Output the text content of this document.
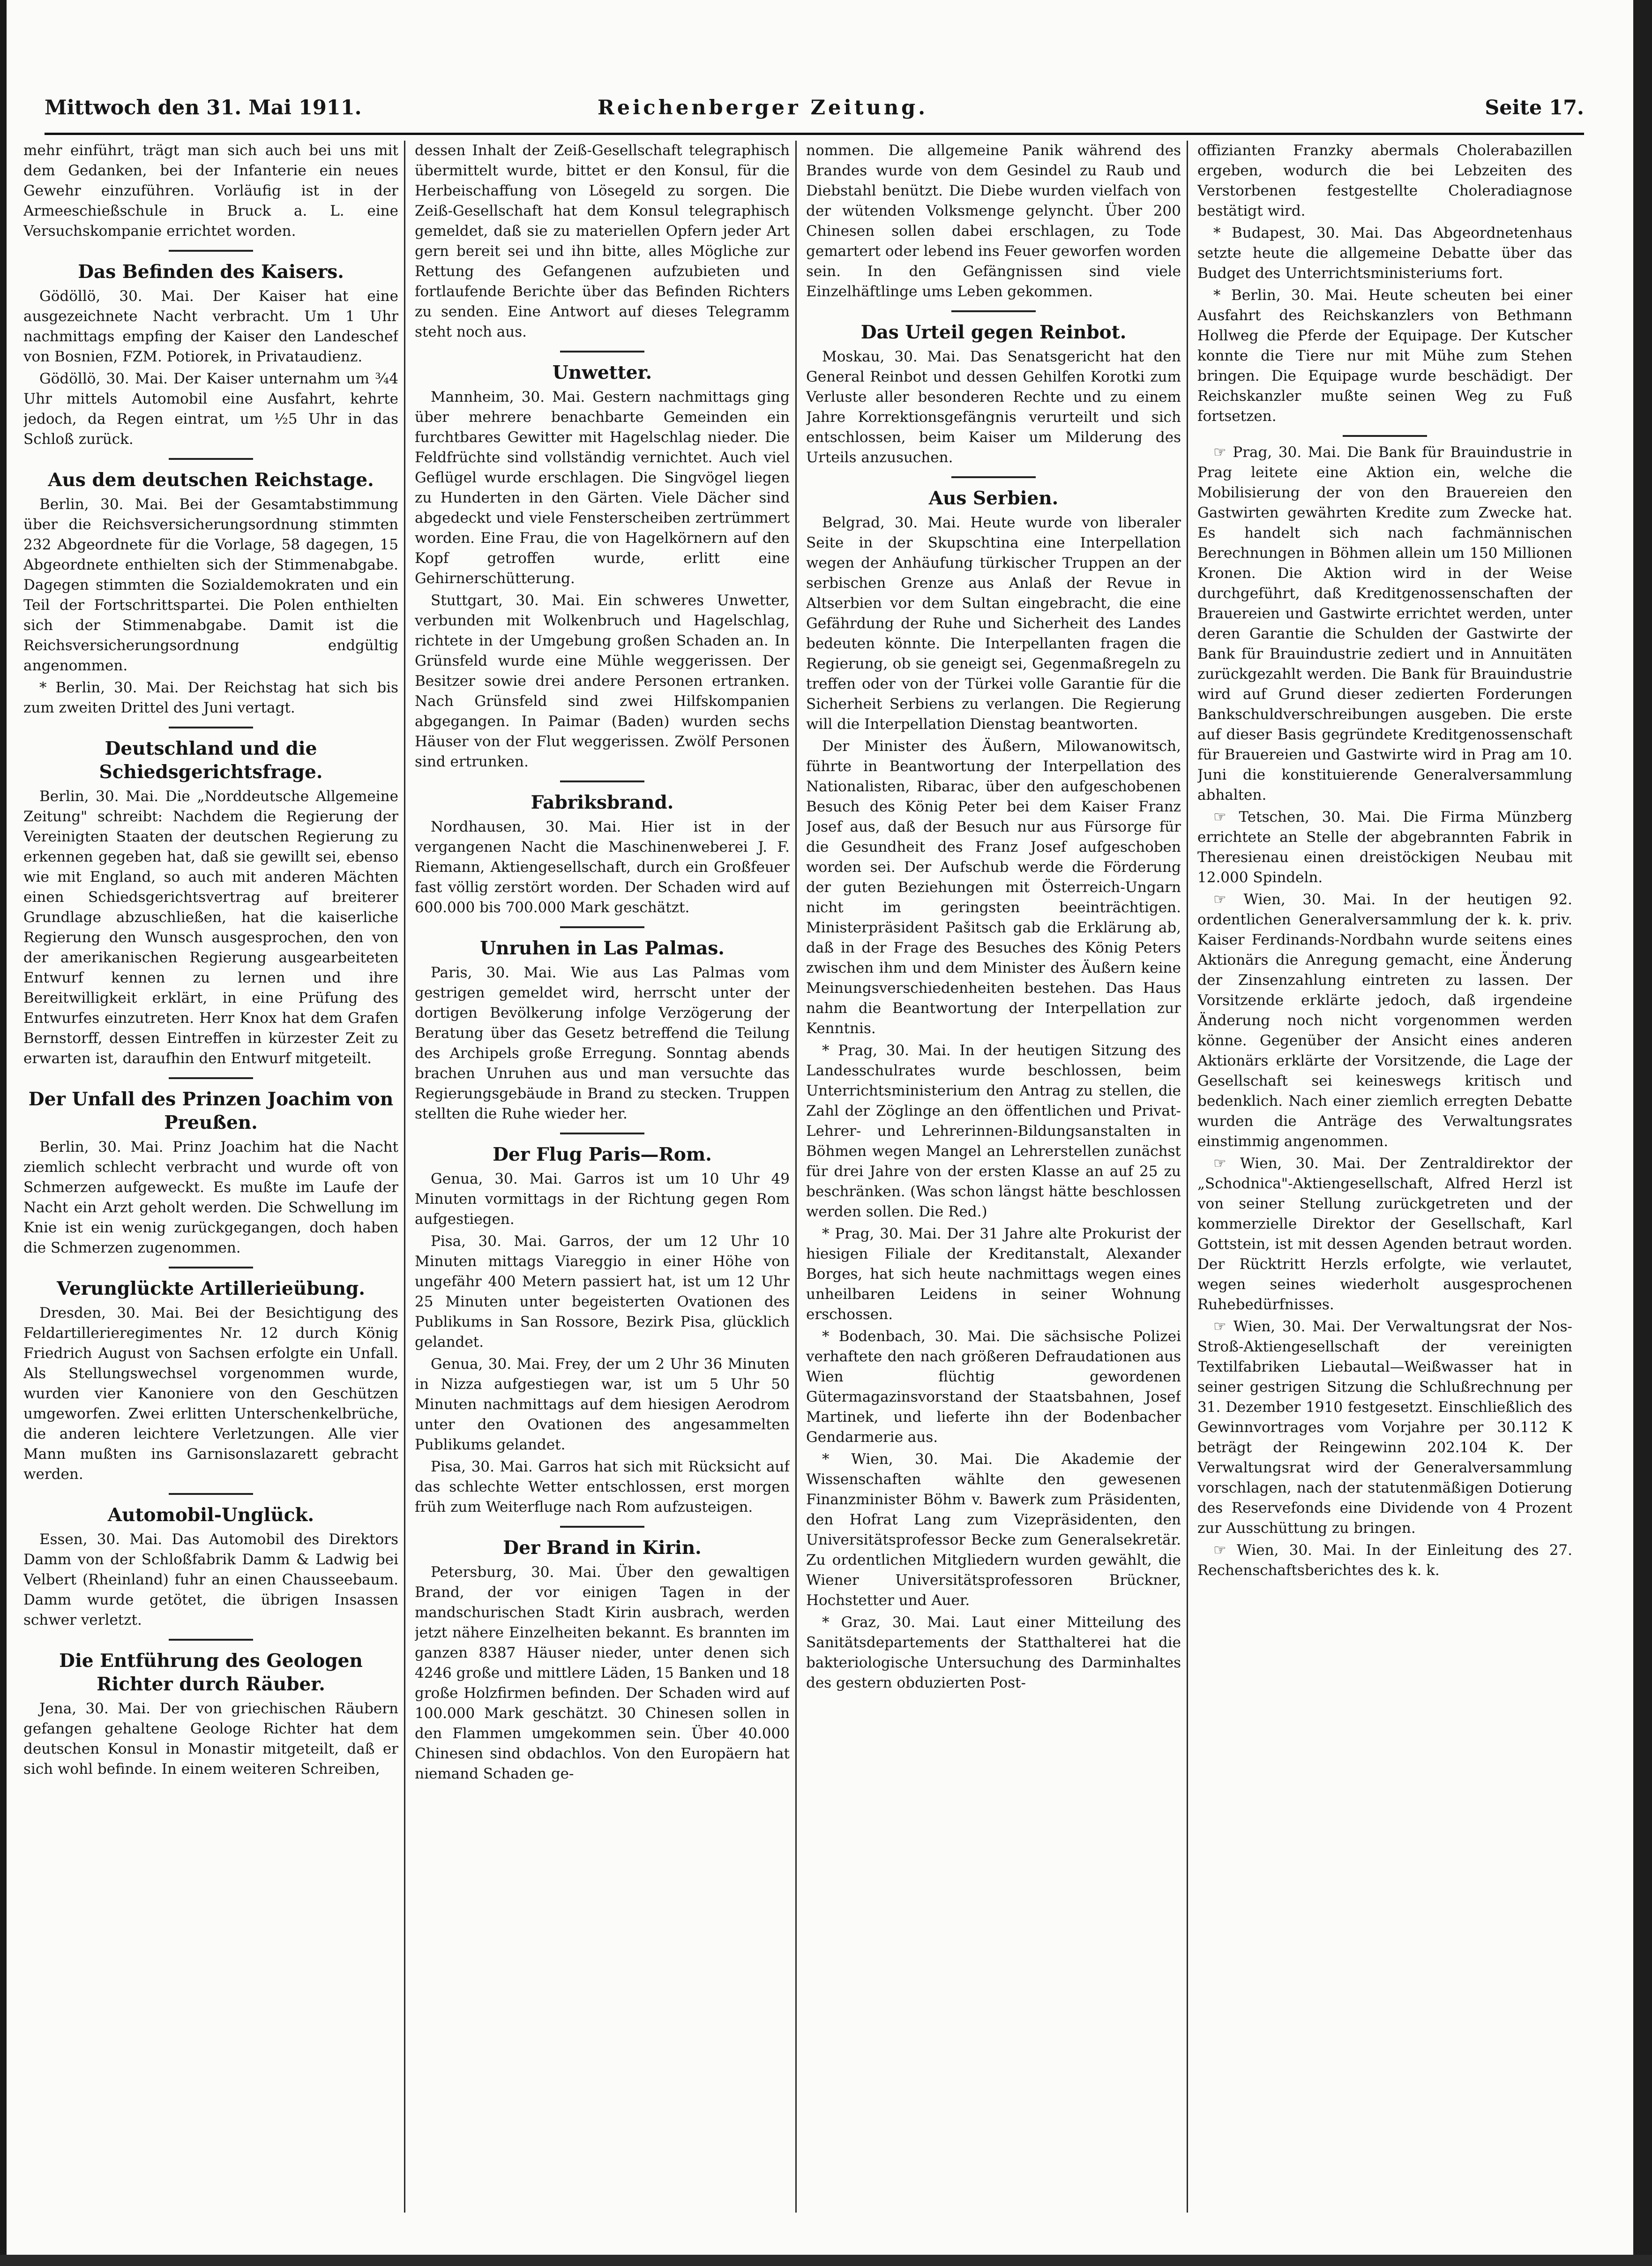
Mittwoch den 31. Mai 1911.	Reichenberger Zeitung.	Seite 17.

mehr einführt, trägt man sich auch bei uns mit dem Gedanken, bei der Infanterie ein neues Gewehr einzuführen. Vorläufig ist in der Armeeschießschule in Bruck a. L. eine Versuchskompanie errichtet worden.

Das Befinden des Kaisers.

Gödöllö, 30. Mai. Der Kaiser hat eine ausgezeichnete Nacht verbracht. Um 1 Uhr nachmittags empfing der Kaiser den Landeschef von Bosnien, FZM. Potiorek, in Privataudienz.

Gödöllö, 30. Mai. Der Kaiser unternahm um ¾4 Uhr mittels Automobil eine Ausfahrt, kehrte jedoch, da Regen eintrat, um ½5 Uhr in das Schloß zurück.

Aus dem deutschen Reichstage.

Berlin, 30. Mai. Bei der Gesamtabstimmung über die Reichsversicherungsordnung stimmten 232 Abgeordnete für die Vorlage, 58 dagegen, 15 Abgeordnete enthielten sich der Stimmenabgabe. Dagegen stimmten die Sozialdemokraten und ein Teil der Fortschrittspartei. Die Polen enthielten sich der Stimmenabgabe. Damit ist die Reichsversicherungsordnung endgültig angenommen.

* Berlin, 30. Mai. Der Reichstag hat sich bis zum zweiten Drittel des Juni vertagt.

Deutschland und die Schiedsgerichtsfrage.

Berlin, 30. Mai. Die „Norddeutsche Allgemeine Zeitung" schreibt: Nachdem die Regierung der Vereinigten Staaten der deutschen Regierung zu erkennen gegeben hat, daß sie gewillt sei, ebenso wie mit England, so auch mit anderen Mächten einen Schiedsgerichtsvertrag auf breiterer Grundlage abzuschließen, hat die kaiserliche Regierung den Wunsch ausgesprochen, den von der amerikanischen Regierung ausgearbeiteten Entwurf kennen zu lernen und ihre Bereitwilligkeit erklärt, in eine Prüfung des Entwurfes einzutreten. Herr Knox hat dem Grafen Bernstorff, dessen Eintreffen in kürzester Zeit zu erwarten ist, daraufhin den Entwurf mitgeteilt.

Der Unfall des Prinzen Joachim von Preußen.

Berlin, 30. Mai. Prinz Joachim hat die Nacht ziemlich schlecht verbracht und wurde oft von Schmerzen aufgeweckt. Es mußte im Laufe der Nacht ein Arzt geholt werden. Die Schwellung im Knie ist ein wenig zurückgegangen, doch haben die Schmerzen zugenommen.

Verunglückte Artillerieübung.

Dresden, 30. Mai. Bei der Besichtigung des Feldartillerieregimentes Nr. 12 durch König Friedrich August von Sachsen erfolgte ein Unfall. Als Stellungswechsel vorgenommen wurde, wurden vier Kanoniere von den Geschützen umgeworfen. Zwei erlitten Unterschenkelbrüche, die anderen leichtere Verletzungen. Alle vier Mann mußten ins Garnisonslazarett gebracht werden.

Automobil-Unglück.

Essen, 30. Mai. Das Automobil des Direktors Damm von der Schloßfabrik Damm & Ladwig bei Velbert (Rheinland) fuhr an einen Chausseebaum. Damm wurde getötet, die übrigen Insassen schwer verletzt.

Die Entführung des Geologen Richter durch Räuber.

Jena, 30. Mai. Der von griechischen Räubern gefangen gehaltene Geologe Richter hat dem deutschen Konsul in Monastir mitgeteilt, daß er sich wohl befinde. In einem weiteren Schreiben,

dessen Inhalt der Zeiß-Gesellschaft telegraphisch übermittelt wurde, bittet er den Konsul, für die Herbeischaffung von Lösegeld zu sorgen. Die Zeiß-Gesellschaft hat dem Konsul telegraphisch gemeldet, daß sie zu materiellen Opfern jeder Art gern bereit sei und ihn bitte, alles Mögliche zur Rettung des Gefangenen aufzubieten und fortlaufende Berichte über das Befinden Richters zu senden. Eine Antwort auf dieses Telegramm steht noch aus.

Unwetter.

Mannheim, 30. Mai. Gestern nachmittags ging über mehrere benachbarte Gemeinden ein furchtbares Gewitter mit Hagelschlag nieder. Die Feldfrüchte sind vollständig vernichtet. Auch viel Geflügel wurde erschlagen. Die Singvögel liegen zu Hunderten in den Gärten. Viele Dächer sind abgedeckt und viele Fensterscheiben zertrümmert worden. Eine Frau, die von Hagelkörnern auf den Kopf getroffen wurde, erlitt eine Gehirnerschütterung.

Stuttgart, 30. Mai. Ein schweres Unwetter, verbunden mit Wolkenbruch und Hagelschlag, richtete in der Umgebung großen Schaden an. In Grünsfeld wurde eine Mühle weggerissen. Der Besitzer sowie drei andere Personen ertranken. Nach Grünsfeld sind zwei Hilfskompanien abgegangen. In Paimar (Baden) wurden sechs Häuser von der Flut weggerissen. Zwölf Personen sind ertrunken.

Fabriksbrand.

Nordhausen, 30. Mai. Hier ist in der vergangenen Nacht die Maschinenweberei J. F. Riemann, Aktiengesellschaft, durch ein Großfeuer fast völlig zerstört worden. Der Schaden wird auf 600.000 bis 700.000 Mark geschätzt.

Unruhen in Las Palmas.

Paris, 30. Mai. Wie aus Las Palmas vom gestrigen gemeldet wird, herrscht unter der dortigen Bevölkerung infolge Verzögerung der Beratung über das Gesetz betreffend die Teilung des Archipels große Erregung. Sonntag abends brachen Unruhen aus und man versuchte das Regierungsgebäude in Brand zu stecken. Truppen stellten die Ruhe wieder her.

Der Flug Paris—Rom.

Genua, 30. Mai. Garros ist um 10 Uhr 49 Minuten vormittags in der Richtung gegen Rom aufgestiegen.

Pisa, 30. Mai. Garros, der um 12 Uhr 10 Minuten mittags Viareggio in einer Höhe von ungefähr 400 Metern passiert hat, ist um 12 Uhr 25 Minuten unter begeisterten Ovationen des Publikums in San Rossore, Bezirk Pisa, glücklich gelandet.

Genua, 30. Mai. Frey, der um 2 Uhr 36 Minuten in Nizza aufgestiegen war, ist um 5 Uhr 50 Minuten nachmittags auf dem hiesigen Aerodrom unter den Ovationen des angesammelten Publikums gelandet.

Pisa, 30. Mai. Garros hat sich mit Rücksicht auf das schlechte Wetter entschlossen, erst morgen früh zum Weiterfluge nach Rom aufzusteigen.

Der Brand in Kirin.

Petersburg, 30. Mai. Über den gewaltigen Brand, der vor einigen Tagen in der mandschurischen Stadt Kirin ausbrach, werden jetzt nähere Einzelheiten bekannt. Es brannten im ganzen 8387 Häuser nieder, unter denen sich 4246 große und mittlere Läden, 15 Banken und 18 große Holzfirmen befinden. Der Schaden wird auf 100.000 Mark geschätzt. 30 Chinesen sollen in den Flammen umgekommen sein. Über 40.000 Chinesen sind obdachlos. Von den Europäern hat niemand Schaden ge-

nommen. Die allgemeine Panik während des Brandes wurde von dem Gesindel zu Raub und Diebstahl benützt. Die Diebe wurden vielfach von der wütenden Volksmenge gelyncht. Über 200 Chinesen sollen dabei erschlagen, zu Tode gemartert oder lebend ins Feuer geworfen worden sein. In den Gefängnissen sind viele Einzelhäftlinge ums Leben gekommen.

Das Urteil gegen Reinbot.

Moskau, 30. Mai. Das Senatsgericht hat den General Reinbot und dessen Gehilfen Korotki zum Verluste aller besonderen Rechte und zu einem Jahre Korrektionsgefängnis verurteilt und sich entschlossen, beim Kaiser um Milderung des Urteils anzusuchen.

Aus Serbien.

Belgrad, 30. Mai. Heute wurde von liberaler Seite in der Skupschtina eine Interpellation wegen der Anhäufung türkischer Truppen an der serbischen Grenze aus Anlaß der Revue in Altserbien vor dem Sultan eingebracht, die eine Gefährdung der Ruhe und Sicherheit des Landes bedeuten könnte. Die Interpellanten fragen die Regierung, ob sie geneigt sei, Gegenmaßregeln zu treffen oder von der Türkei volle Garantie für die Sicherheit Serbiens zu verlangen. Die Regierung will die Interpellation Dienstag beantworten.

Der Minister des Äußern, Milowanowitsch, führte in Beantwortung der Interpellation des Nationalisten, Ribarac, über den aufgeschobenen Besuch des König Peter bei dem Kaiser Franz Josef aus, daß der Besuch nur aus Fürsorge für die Gesundheit des Franz Josef aufgeschoben worden sei. Der Aufschub werde die Förderung der guten Beziehungen mit Österreich-Ungarn nicht im geringsten beeinträchtigen. Ministerpräsident Pašitsch gab die Erklärung ab, daß in der Frage des Besuches des König Peters zwischen ihm und dem Minister des Äußern keine Meinungsverschiedenheiten bestehen. Das Haus nahm die Beantwortung der Interpellation zur Kenntnis.

* Prag, 30. Mai. In der heutigen Sitzung des Landesschulrates wurde beschlossen, beim Unterrichtsministerium den Antrag zu stellen, die Zahl der Zöglinge an den öffentlichen und Privat-Lehrer- und Lehrerinnen-Bildungsanstalten in Böhmen wegen Mangel an Lehrerstellen zunächst für drei Jahre von der ersten Klasse an auf 25 zu beschränken. (Was schon längst hätte beschlossen werden sollen. Die Red.)

* Prag, 30. Mai. Der 31 Jahre alte Prokurist der hiesigen Filiale der Kreditanstalt, Alexander Borges, hat sich heute nachmittags wegen eines unheilbaren Leidens in seiner Wohnung erschossen.

* Bodenbach, 30. Mai. Die sächsische Polizei verhaftete den nach größeren Defraudationen aus Wien flüchtig gewordenen Gütermagazinsvorstand der Staatsbahnen, Josef Martinek, und lieferte ihn der Bodenbacher Gendarmerie aus.

* Wien, 30. Mai. Die Akademie der Wissenschaften wählte den gewesenen Finanzminister Böhm v. Bawerk zum Präsidenten, den Hofrat Lang zum Vizepräsidenten, den Universitätsprofessor Becke zum Generalsekretär. Zu ordentlichen Mitgliedern wurden gewählt, die Wiener Universitätsprofessoren Brückner, Hochstetter und Auer.

* Graz, 30. Mai. Laut einer Mitteilung des Sanitätsdepartements der Statthalterei hat die bakteriologische Untersuchung des Darminhaltes des gestern obduzierten Post-

offizianten Franzky abermals Cholerabazillen ergeben, wodurch die bei Lebzeiten des Verstorbenen festgestellte Choleradiagnose bestätigt wird.

* Budapest, 30. Mai. Das Abgeordnetenhaus setzte heute die allgemeine Debatte über das Budget des Unterrichtsministeriums fort.

* Berlin, 30. Mai. Heute scheuten bei einer Ausfahrt des Reichskanzlers von Bethmann Hollweg die Pferde der Equipage. Der Kutscher konnte die Tiere nur mit Mühe zum Stehen bringen. Die Equipage wurde beschädigt. Der Reichskanzler mußte seinen Weg zu Fuß fortsetzen.

☞ Prag, 30. Mai. Die Bank für Brauindustrie in Prag leitete eine Aktion ein, welche die Mobilisierung der von den Brauereien den Gastwirten gewährten Kredite zum Zwecke hat. Es handelt sich nach fachmännischen Berechnungen in Böhmen allein um 150 Millionen Kronen. Die Aktion wird in der Weise durchgeführt, daß Kreditgenossenschaften der Brauereien und Gastwirte errichtet werden, unter deren Garantie die Schulden der Gastwirte der Bank für Brauindustrie zediert und in Annuitäten zurückgezahlt werden. Die Bank für Brauindustrie wird auf Grund dieser zedierten Forderungen Bankschuldverschreibungen ausgeben. Die erste auf dieser Basis gegründete Kreditgenossenschaft für Brauereien und Gastwirte wird in Prag am 10. Juni die konstituierende Generalversammlung abhalten.

☞ Tetschen, 30. Mai. Die Firma Münzberg errichtete an Stelle der abgebrannten Fabrik in Theresienau einen dreistöckigen Neubau mit 12.000 Spindeln.

☞ Wien, 30. Mai. In der heutigen 92. ordentlichen Generalversammlung der k. k. priv. Kaiser Ferdinands-Nordbahn wurde seitens eines Aktionärs die Anregung gemacht, eine Änderung der Zinsenzahlung eintreten zu lassen. Der Vorsitzende erklärte jedoch, daß irgendeine Änderung noch nicht vorgenommen werden könne. Gegenüber der Ansicht eines anderen Aktionärs erklärte der Vorsitzende, die Lage der Gesellschaft sei keineswegs kritisch und bedenklich. Nach einer ziemlich erregten Debatte wurden die Anträge des Verwaltungsrates einstimmig angenommen.

☞ Wien, 30. Mai. Der Zentraldirektor der „Schodnica"-Aktiengesellschaft, Alfred Herzl ist von seiner Stellung zurückgetreten und der kommerzielle Direktor der Gesellschaft, Karl Gottstein, ist mit dessen Agenden betraut worden. Der Rücktritt Herzls erfolgte, wie verlautet, wegen seines wiederholt ausgesprochenen Ruhebedürfnisses.

☞ Wien, 30. Mai. Der Verwaltungsrat der Nos-Stroß-Aktiengesellschaft der vereinigten Textilfabriken Liebautal—Weißwasser hat in seiner gestrigen Sitzung die Schlußrechnung per 31. Dezember 1910 festgesetzt. Einschließlich des Gewinnvortrages vom Vorjahre per 30.112 K beträgt der Reingewinn 202.104 K. Der Verwaltungsrat wird der Generalversammlung vorschlagen, nach der statutenmäßigen Dotierung des Reservefonds eine Dividende von 4 Prozent zur Ausschüttung zu bringen.

☞ Wien, 30. Mai. In der Einleitung des 27. Rechenschaftsberichtes des k. k.
